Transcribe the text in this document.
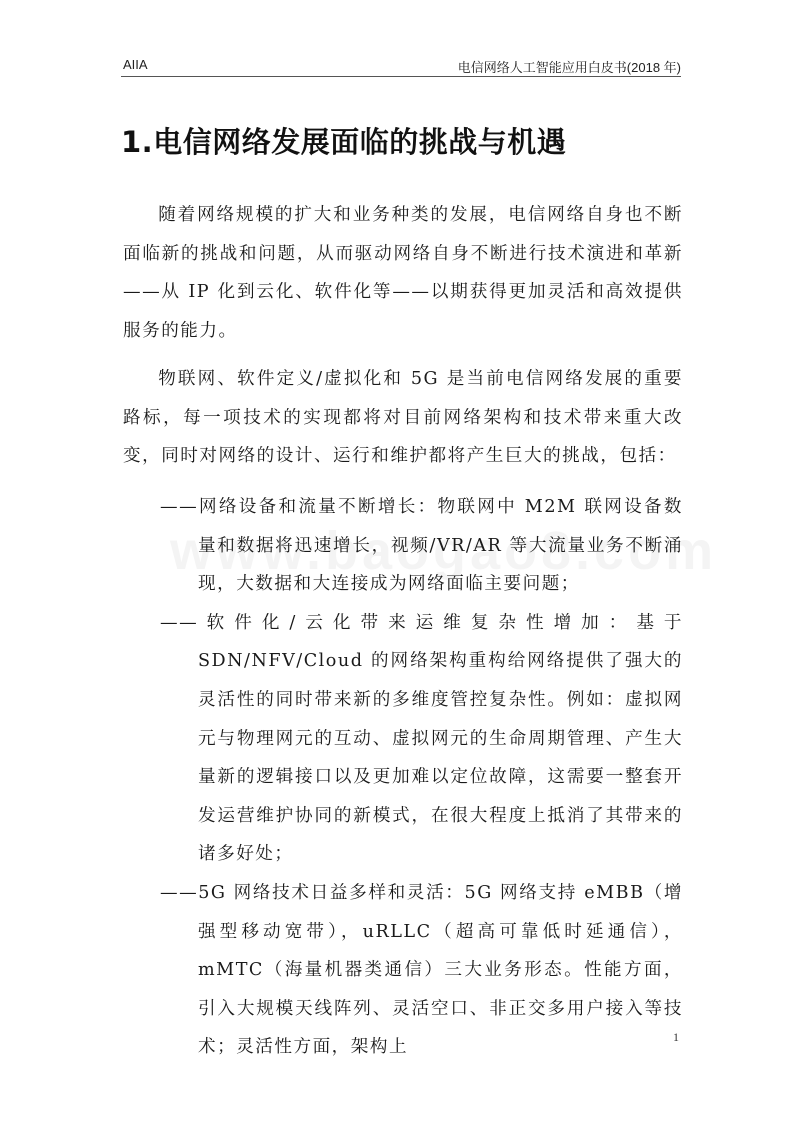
AIIA	电信网络人工智能应用白皮书(2018 年)
1.电信网络发展面临的挑战与机遇

随着网络规模的扩大和业务种类的发展，电信网络自身也不断面临新的挑战和问题，从而驱动网络自身不断进行技术演进和革新——从 IP 化到云化、软件化等——以期获得更加灵活和高效提供服务的能力。

物联网、软件定义/虚拟化和 5G 是当前电信网络发展的重要路标，每一项技术的实现都将对目前网络架构和技术带来重大改变，同时对网络的设计、运行和维护都将产生巨大的挑战，包括：

——网络设备和流量不断增长：物联网中 M2M 联网设备数量和数据将迅速增长，视频/VR/AR 等大流量业务不断涌现，大数据和大连接成为网络面临主要问题；
——软件化/云化带来运维复杂性增加：基于 SDN/NFV/Cloud 的网络架构重构给网络提供了强大的灵活性的同时带来新的多维度管控复杂性。例如：虚拟网元与物理网元的互动、虚拟网元的生命周期管理、产生大量新的逻辑接口以及更加难以定位故障，这需要一整套开发运营维护协同的新模式，在很大程度上抵消了其带来的诸多好处；
——5G 网络技术日益多样和灵活：5G 网络支持 eMBB（增强型移动宽带），uRLLC（超高可靠低时延通信），mMTC（海量机器类通信）三大业务形态。性能方面，引入大规模天线阵列、灵活空口、非正交多用户接入等技术；灵活性方面，架构上
1
